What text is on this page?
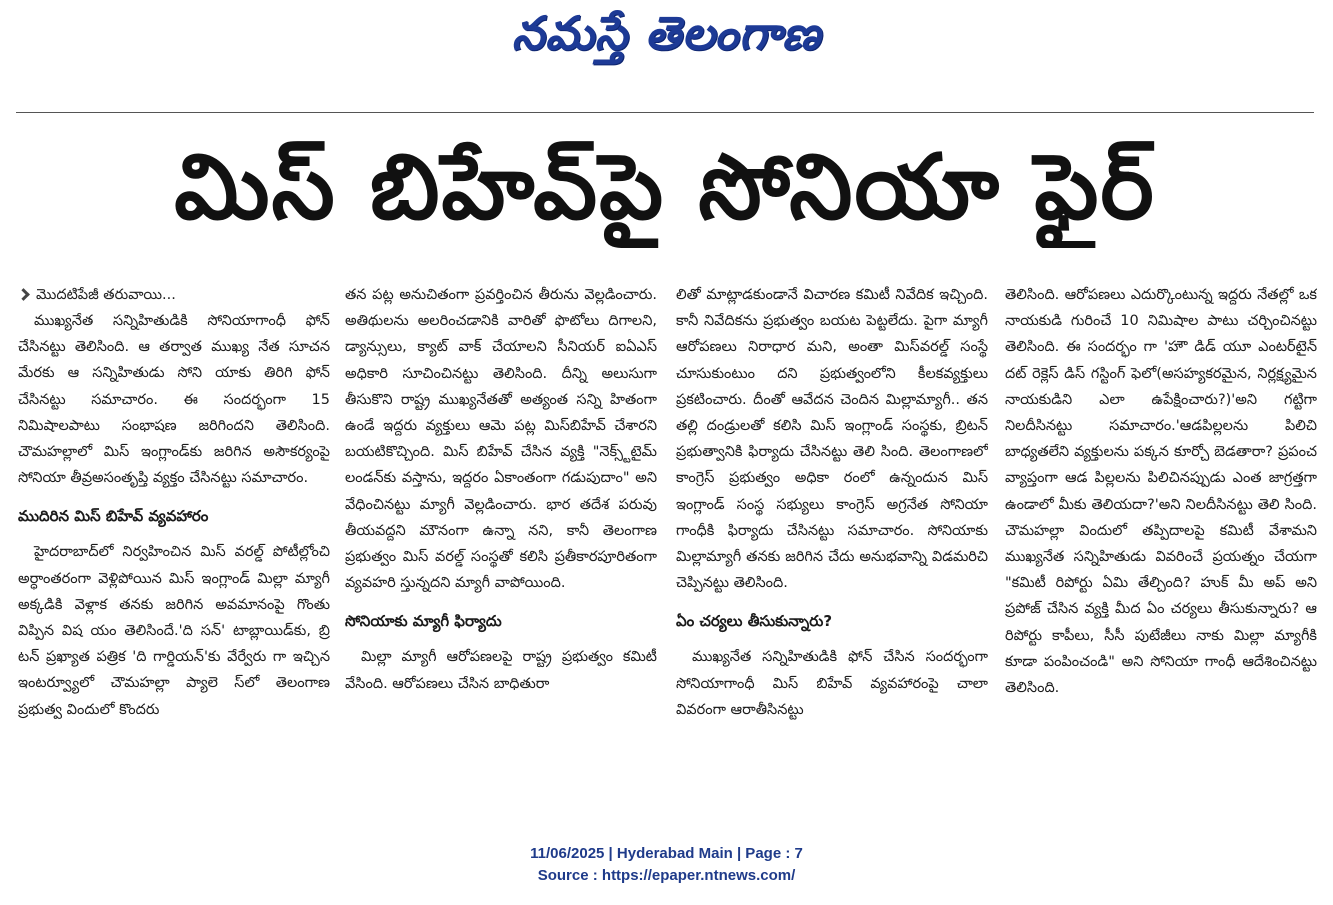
నమస్తే తెలంగాణ
మిస్ బిహేవ్‌పై సోనియా ఫైర్
మొదటిపేజీ తరువాయి...

ముఖ్యనేత సన్నిహితుడికి సోనియాగాంధీ ఫోన్ చేసినట్టు తెలిసింది. ఆ తర్వాత ముఖ్య నేత సూచన మేరకు ఆ సన్నిహితుడు సోని యాకు తిరిగి ఫోన్ చేసినట్టు సమాచారం. ఈ సందర్భంగా 15 నిమిషాలపాటు సంభాషణ జరిగిందని తెలిసింది. చౌమహల్లాలో మిస్ ఇంగ్లాండ్‌కు జరిగిన అసౌకర్యంపై సోనియా తీవ్రఅసంతృప్తి వ్యక్తం చేసినట్టు సమాచారం.

ముదిరిన మిస్ బిహేవ్ వ్యవహారం

హైదరాబాద్‌లో నిర్వహించిన మిస్ వరల్డ్ పోటీల్లోంచి అర్ధాంతరంగా వెళ్లిపోయిన మిస్ ఇంగ్లాండ్ మిల్లా మ్యాగీ అక్కడికి వెళ్లాక తనకు జరిగిన అవమానంపై గొంతు విప్పిన విష యం తెలిసిందే.'ది సన్' టాబ్లాయిడ్‌కు, బ్రి టన్ ప్రఖ్యాత పత్రిక 'ది గార్డియన్'కు వేర్వేరు గా ఇచ్చిన ఇంటర్వ్యూలో చౌమహల్లా ప్యాలె స్‌లో తెలంగాణ ప్రభుత్వ విందులో కొందరు

తన పట్ల అనుచితంగా ప్రవర్తించిన తీరును వెల్లడించారు. అతిథులను అలరించడానికి వారితో ఫొటోలు దిగాలని, డ్యాన్సులు, క్యాట్ వాక్ చేయాలని సీనియర్ ఐఏఎస్ అధికారి సూచించినట్టు తెలిసింది. దీన్ని అలుసుగా తీసుకొని రాష్ట్ర ముఖ్యనేతతో అత్యంత సన్ని హితంగా ఉండే ఇద్దరు వ్యక్తులు ఆమె పట్ల మిస్‌బిహేవ్ చేశారని బయటికొచ్చింది. మిస్ బిహేవ్ చేసిన వ్యక్తి "నెక్స్ట్‌టైమ్ లండన్‌కు వస్తాను, ఇద్దరం ఏకాంతంగా గడుపుదాం" అని వేధించినట్టు మ్యాగీ వెల్లడించారు. భార తదేశ పరువు తీయవద్దని మౌనంగా ఉన్నా నని, కానీ తెలంగాణ ప్రభుత్వం మిస్ వరల్డ్ సంస్థతో కలిసి ప్రతీకారపూరితంగా వ్యవహరి స్తున్నదని మ్యాగీ వాపోయింది.

సోనియాకు మ్యాగీ ఫిర్యాదు

మిల్లా మ్యాగీ ఆరోపణలపై రాష్ట్ర ప్రభుత్వం కమిటీ వేసింది. ఆరోపణలు చేసిన బాధితురా

లితో మాట్లాడకుండానే విచారణ కమిటీ నివేదిక ఇచ్చింది. కానీ నివేదికను ప్రభుత్వం బయట పెట్టలేదు. పైగా మ్యాగీ ఆరోపణలు నిరాధార మని, అంతా మిస్‌వరల్డ్ సంస్థే చూసుకుంటుం దని ప్రభుత్వంలోని కీలకవ్యక్తులు ప్రకటించారు. దీంతో ఆవేదన చెందిన మిల్లామ్యాగీ.. తన తల్లి దండ్రులతో కలిసి మిస్ ఇంగ్లాండ్ సంస్థకు, బ్రిటన్ ప్రభుత్వానికి ఫిర్యాదు చేసినట్టు తెలి సింది. తెలంగాణలో కాంగ్రెస్ ప్రభుత్వం అధికా రంలో ఉన్నందున మిస్ ఇంగ్లాండ్ సంస్థ సభ్యులు కాంగ్రెస్ అగ్రనేత సోనియా గాంధీకి ఫిర్యాదు చేసినట్టు సమాచారం. సోనియాకు మిల్లామ్యాగీ తనకు జరిగిన చేదు అనుభవాన్ని విడమరిచి చెప్పినట్టు తెలిసింది.

ఏం చర్యలు తీసుకున్నారు?

ముఖ్యనేత సన్నిహితుడికి ఫోన్ చేసిన సందర్భంగా సోనియాగాంధీ మిస్ బిహేవ్ వ్యవహారంపై చాలా వివరంగా ఆరాతీసినట్టు

తెలిసింది. ఆరోపణలు ఎదుర్కొంటున్న ఇద్దరు నేతల్లో ఒక నాయకుడి గురించే 10 నిమిషాల పాటు చర్చించినట్టు తెలిసింది. ఈ సందర్భం గా 'హౌ డిడ్ యూ ఎంటర్‌టైన్ దట్ రెక్లెస్ డిస్ గస్టింగ్ ఫెలో(అసహ్యకరమైన, నిర్లక్ష్యమైన నాయకుడిని ఎలా ఉపేక్షించారు?)'అని గట్టిగా నిలదీసినట్టు సమాచారం.'ఆడపిల్లలను పిలిచి బాధ్యతలేని వ్యక్తులను పక్కన కూర్చో బెడతారా? ప్రపంచ వ్యాప్తంగా ఆడ పిల్లలను పిలిచినప్పుడు ఎంత జాగ్రత్తగా ఉండాలో మీకు తెలియదా?'అని నిలదీసినట్టు తెలి సింది. చౌమహల్లా విందులో తప్పిదాలపై కమిటీ వేశామని ముఖ్యనేత సన్నిహితుడు వివరించే ప్రయత్నం చేయగా "కమిటీ రిపోర్టు ఏమి తేల్చింది? హుక్ మీ అప్ అని ప్రపోజ్ చేసిన వ్యక్తి మీద ఏం చర్యలు తీసుకున్నారు? ఆ రిపోర్టు కాపీలు, సీసీ పుటేజీలు నాకు మిల్లా మ్యాగీకి కూడా పంపించండి" అని సోనియా గాంధీ ఆదేశించినట్టు తెలిసింది.

11/06/2025 | Hyderabad Main | Page : 7
Source : https://epaper.ntnews.com/
